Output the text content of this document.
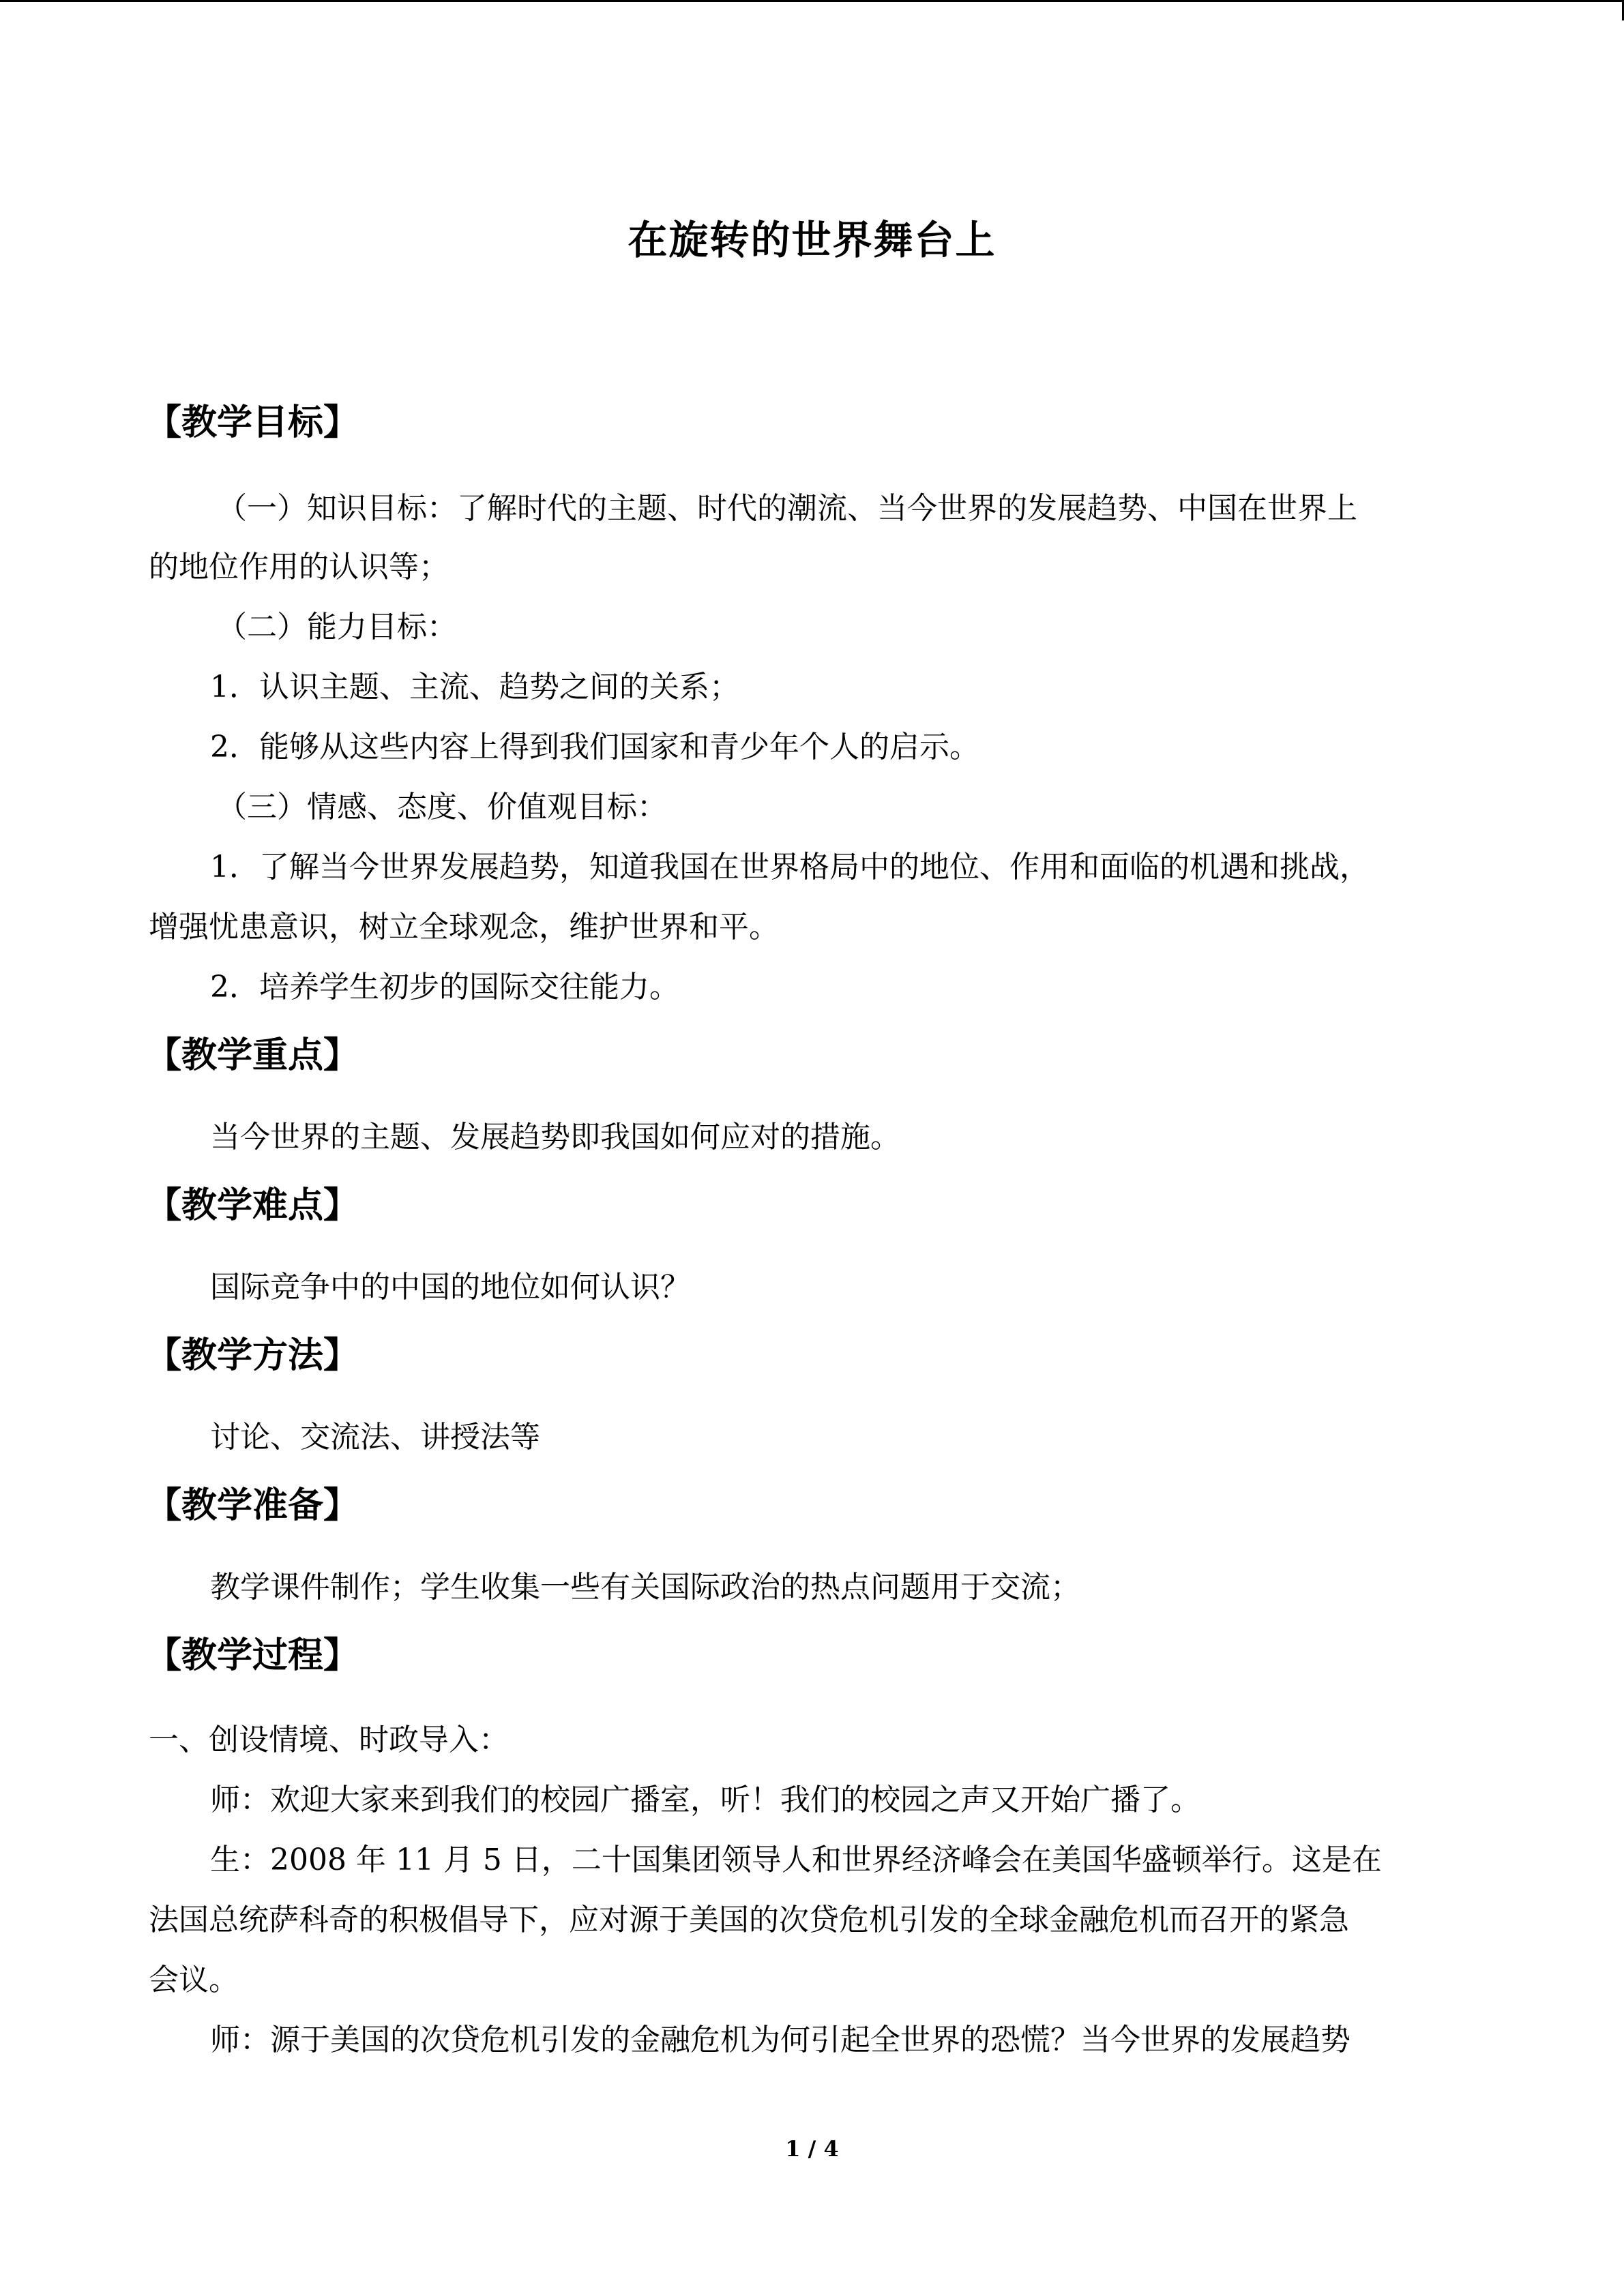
在旋转的世界舞台上
【教学目标】
（一）知识目标：了解时代的主题、时代的潮流、当今世界的发展趋势、中国在世界上
的地位作用的认识等；
（二）能力目标：
1．认识主题、主流、趋势之间的关系；
2．能够从这些内容上得到我们国家和青少年个人的启示。
（三）情感、态度、价值观目标：
1．了解当今世界发展趋势，知道我国在世界格局中的地位、作用和面临的机遇和挑战，
增强忧患意识，树立全球观念，维护世界和平。
2．培养学生初步的国际交往能力。
【教学重点】
当今世界的主题、发展趋势即我国如何应对的措施。
【教学难点】
国际竞争中的中国的地位如何认识？
【教学方法】
讨论、交流法、讲授法等
【教学准备】
教学课件制作；学生收集一些有关国际政治的热点问题用于交流；
【教学过程】
一、创设情境、时政导入：
师：欢迎大家来到我们的校园广播室，听！我们的校园之声又开始广播了。
生：2008 年 11 月 5 日，二十国集团领导人和世界经济峰会在美国华盛顿举行。这是在
法国总统萨科奇的积极倡导下，应对源于美国的次贷危机引发的全球金融危机而召开的紧急
会议。
师：源于美国的次贷危机引发的金融危机为何引起全世界的恐慌？当今世界的发展趋势
1 / 4
